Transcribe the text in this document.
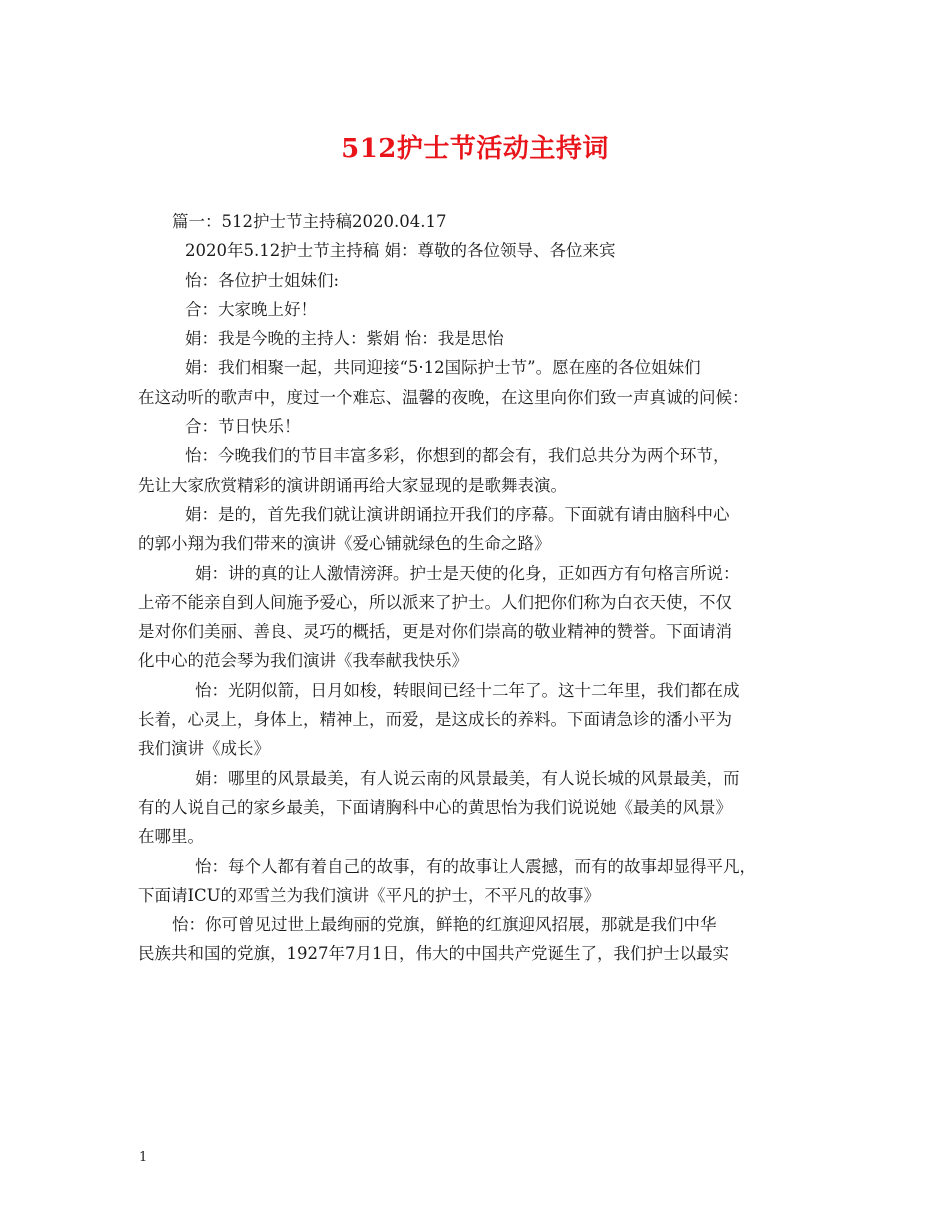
512护士节活动主持词

篇一：512护士节主持稿2020.04.17

2020年5.12护士节主持稿 娟：尊敬的各位领导、各位来宾

怡：各位护士姐妹们:

合：大家晚上好！

娟：我是今晚的主持人：紫娟 怡：我是思怡

娟：我们相聚一起，共同迎接“5·12国际护士节”。愿在座的各位姐妹们

在这动听的歌声中，度过一个难忘、温馨的夜晚，在这里向你们致一声真诚的问候：

合：节日快乐！

怡：今晚我们的节目丰富多彩，你想到的都会有，我们总共分为两个环节，

先让大家欣赏精彩的演讲朗诵再给大家显现的是歌舞表演。

娟：是的，首先我们就让演讲朗诵拉开我们的序幕。下面就有请由脑科中心

的郭小翔为我们带来的演讲《爱心铺就绿色的生命之路》

娟：讲的真的让人激情滂湃。护士是天使的化身，正如西方有句格言所说：

上帝不能亲自到人间施予爱心，所以派来了护士。人们把你们称为白衣天使，不仅

是对你们美丽、善良、灵巧的概括，更是对你们崇高的敬业精神的赞誉。下面请消

化中心的范会琴为我们演讲《我奉献我快乐》

怡：光阴似箭，日月如梭，转眼间已经十二年了。这十二年里，我们都在成

长着，心灵上，身体上，精神上，而爱，是这成长的养料。下面请急诊的潘小平为

我们演讲《成长》

娟：哪里的风景最美，有人说云南的风景最美，有人说长城的风景最美，而

有的人说自己的家乡最美，下面请胸科中心的黄思怡为我们说说她《最美的风景》

在哪里。

怡：每个人都有着自己的故事，有的故事让人震撼，而有的故事却显得平凡，

下面请ICU的邓雪兰为我们演讲《平凡的护士，不平凡的故事》

怡：你可曾见过世上最绚丽的党旗，鲜艳的红旗迎风招展，那就是我们中华

民族共和国的党旗，1927年7月1日，伟大的中国共产党诞生了，我们护士以最实

1
